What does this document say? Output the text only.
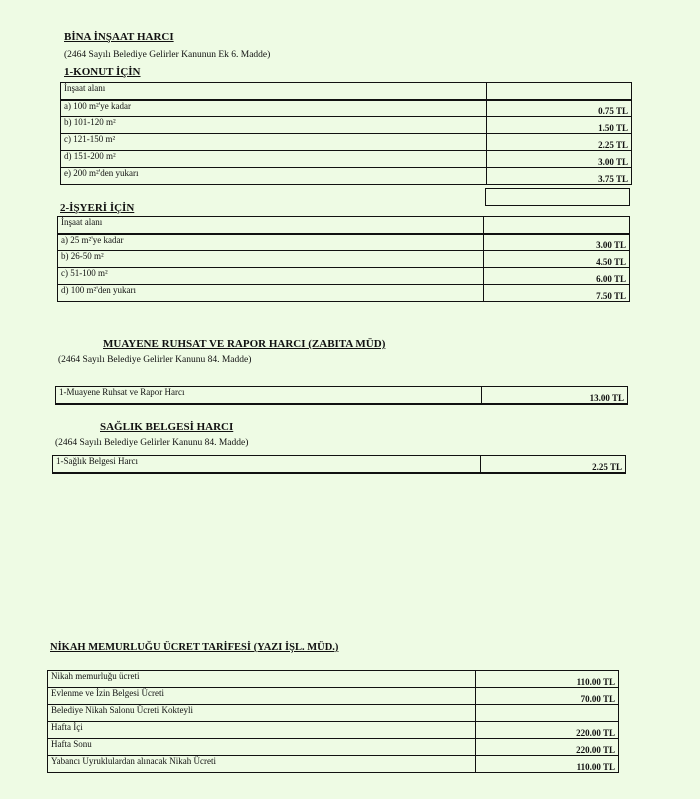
BİNA İNŞAAT HARCI
(2464 Sayılı Belediye Gelirler Kanunun Ek 6. Madde)
1-KONUT İÇİN
İnşaat alanı	
a) 100 m²'ye kadar	0.75 TL
b) 101-120 m²	1.50 TL
c) 121-150 m²	2.25 TL
d) 151-200 m²	3.00 TL
e) 200 m²'den yukarı	3.75 TL
2-İŞYERİ İÇİN
İnşaat alanı	
a) 25 m²'ye kadar	3.00 TL
b) 26-50 m²	4.50 TL
c) 51-100 m²	6.00 TL
d) 100 m²'den yukarı	7.50 TL
MUAYENE RUHSAT VE RAPOR HARCI (ZABITA MÜD)
(2464 Sayılı Belediye Gelirler Kanunu 84. Madde)
1-Muayene Ruhsat ve Rapor Harcı	13.00 TL
SAĞLIK BELGESİ HARCI
(2464 Sayılı Belediye Gelirler Kanunu 84. Madde)
1-Sağlık Belgesi Harcı	2.25 TL
NİKAH MEMURLUĞU ÜCRET TARİFESİ (YAZI İŞL. MÜD.)
Nikah memurluğu ücreti	110.00 TL
Evlenme ve İzin Belgesi Ücreti	70.00 TL
Belediye Nikah Salonu Ücreti Kokteyli	
Hafta İçi	220.00 TL
Hafta Sonu	220.00 TL
Yabancı Uyruklulardan alınacak Nikah Ücreti	110.00 TL
